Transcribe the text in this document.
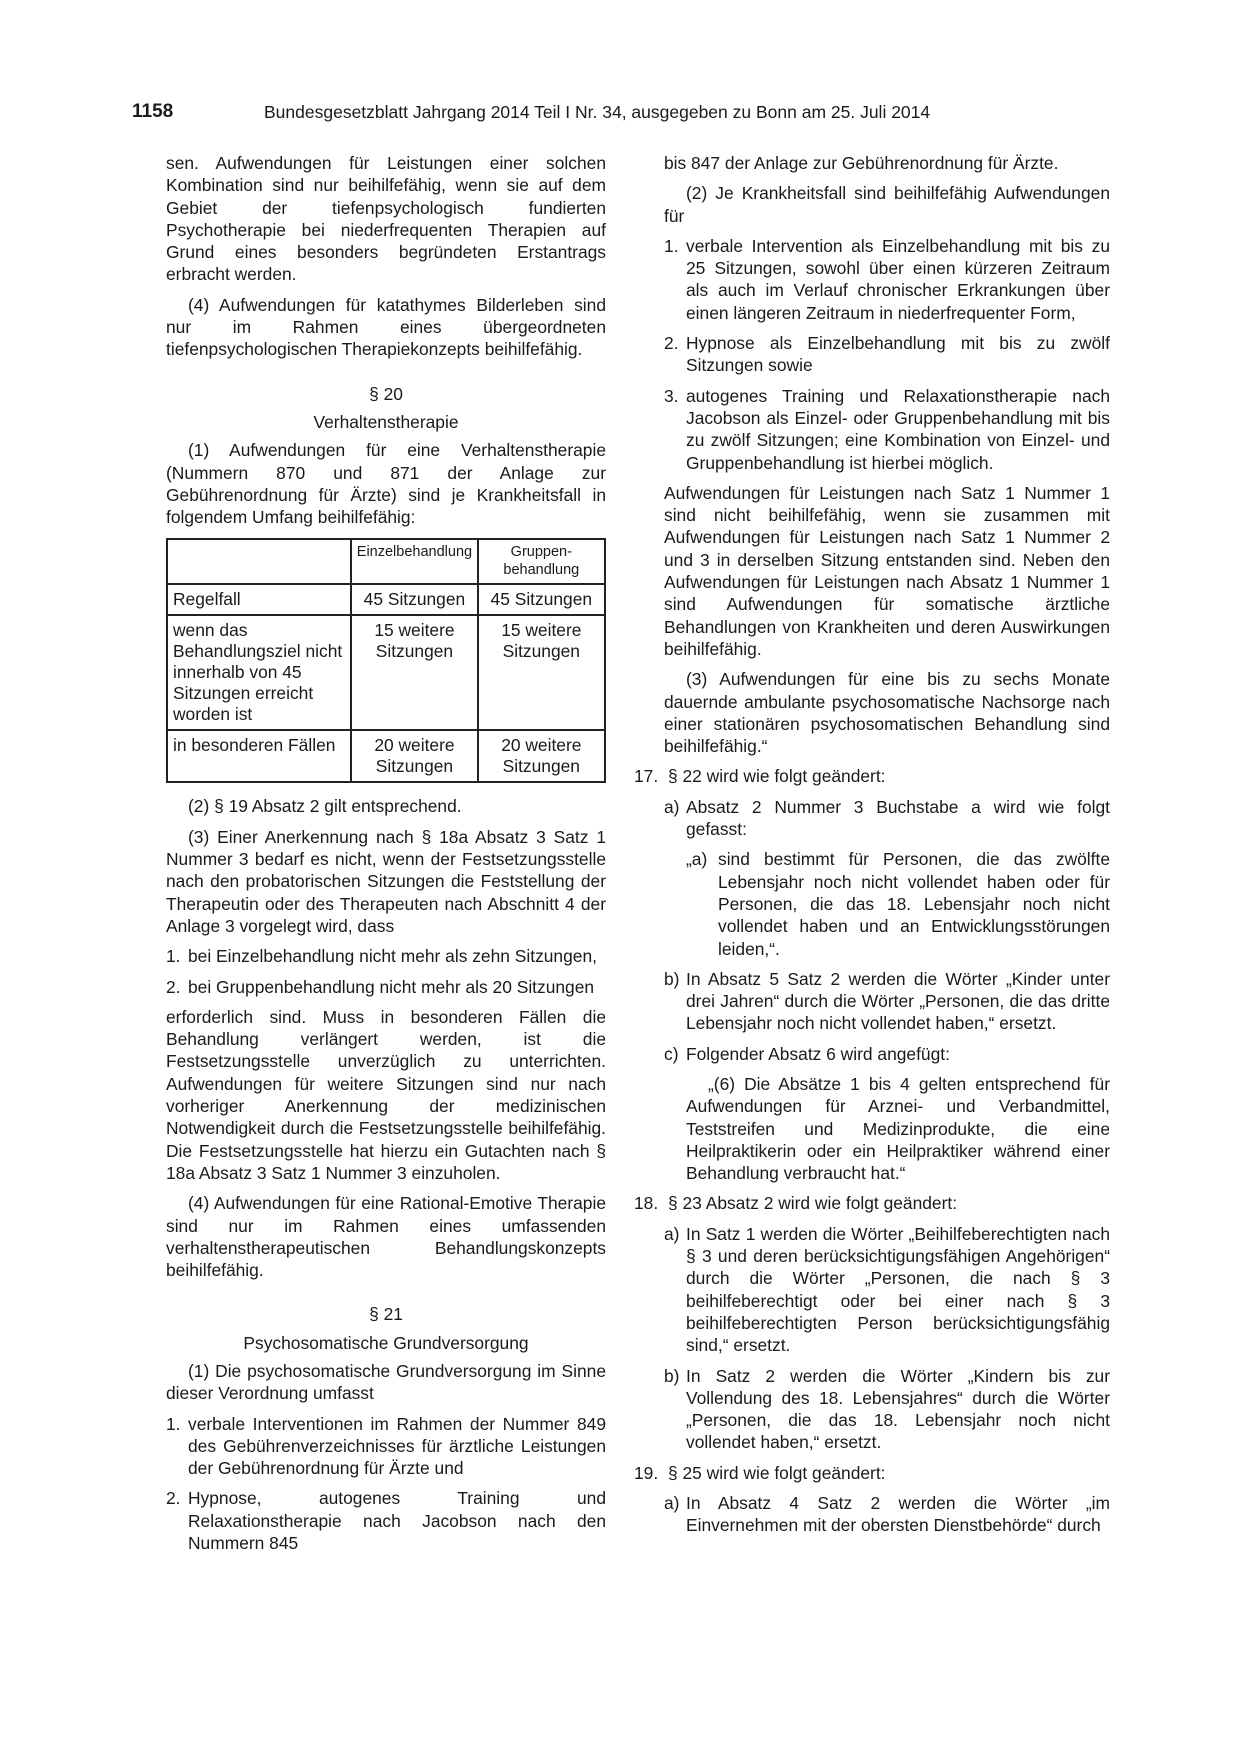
1158	Bundesgesetzblatt Jahrgang 2014 Teil I Nr. 34, ausgegeben zu Bonn am 25. Juli 2014

sen. Aufwendungen für Leistungen einer solchen Kombination sind nur beihilfefähig, wenn sie auf dem Gebiet der tiefenpsychologisch fundierten Psychotherapie bei niederfrequenten Therapien auf Grund eines besonders begründeten Erstantrags erbracht werden.

(4) Aufwendungen für katathymes Bilderleben sind nur im Rahmen eines übergeordneten tiefenpsychologischen Therapiekonzepts beihilfefähig.

§ 20

Verhaltenstherapie

(1) Aufwendungen für eine Verhaltenstherapie (Nummern 870 und 871 der Anlage zur Gebührenordnung für Ärzte) sind je Krankheitsfall in folgendem Umfang beihilfefähig:

	Einzelbehandlung	Gruppenbehandlung
Regelfall	45 Sitzungen	45 Sitzungen
wenn das Behandlungsziel nicht innerhalb von 45 Sitzungen erreicht worden ist	15 weitere Sitzungen	15 weitere Sitzungen
in besonderen Fällen	20 weitere Sitzungen	20 weitere Sitzungen

(2) § 19 Absatz 2 gilt entsprechend.

(3) Einer Anerkennung nach § 18a Absatz 3 Satz 1 Nummer 3 bedarf es nicht, wenn der Festsetzungsstelle nach den probatorischen Sitzungen die Feststellung der Therapeutin oder des Therapeuten nach Abschnitt 4 der Anlage 3 vorgelegt wird, dass

1. bei Einzelbehandlung nicht mehr als zehn Sitzungen,
2. bei Gruppenbehandlung nicht mehr als 20 Sitzungen

erforderlich sind. Muss in besonderen Fällen die Behandlung verlängert werden, ist die Festsetzungsstelle unverzüglich zu unterrichten. Aufwendungen für weitere Sitzungen sind nur nach vorheriger Anerkennung der medizinischen Notwendigkeit durch die Festsetzungsstelle beihilfefähig. Die Festsetzungsstelle hat hierzu ein Gutachten nach § 18a Absatz 3 Satz 1 Nummer 3 einzuholen.

(4) Aufwendungen für eine Rational-Emotive Therapie sind nur im Rahmen eines umfassenden verhaltenstherapeutischen Behandlungskonzepts beihilfefähig.

§ 21

Psychosomatische Grundversorgung

(1) Die psychosomatische Grundversorgung im Sinne dieser Verordnung umfasst

1. verbale Interventionen im Rahmen der Nummer 849 des Gebührenverzeichnisses für ärztliche Leistungen der Gebührenordnung für Ärzte und
2. Hypnose, autogenes Training und Relaxationstherapie nach Jacobson nach den Nummern 845

bis 847 der Anlage zur Gebührenordnung für Ärzte.

(2) Je Krankheitsfall sind beihilfefähig Aufwendungen für

1. verbale Intervention als Einzelbehandlung mit bis zu 25 Sitzungen, sowohl über einen kürzeren Zeitraum als auch im Verlauf chronischer Erkrankungen über einen längeren Zeitraum in niederfrequenter Form,
2. Hypnose als Einzelbehandlung mit bis zu zwölf Sitzungen sowie
3. autogenes Training und Relaxationstherapie nach Jacobson als Einzel- oder Gruppenbehandlung mit bis zu zwölf Sitzungen; eine Kombination von Einzel- und Gruppenbehandlung ist hierbei möglich.

Aufwendungen für Leistungen nach Satz 1 Nummer 1 sind nicht beihilfefähig, wenn sie zusammen mit Aufwendungen für Leistungen nach Satz 1 Nummer 2 und 3 in derselben Sitzung entstanden sind. Neben den Aufwendungen für Leistungen nach Absatz 1 Nummer 1 sind Aufwendungen für somatische ärztliche Behandlungen von Krankheiten und deren Auswirkungen beihilfefähig.

(3) Aufwendungen für eine bis zu sechs Monate dauernde ambulante psychosomatische Nachsorge nach einer stationären psychosomatischen Behandlung sind beihilfefähig.“

17. § 22 wird wie folgt geändert:
a) Absatz 2 Nummer 3 Buchstabe a wird wie folgt gefasst:
„a) sind bestimmt für Personen, die das zwölfte Lebensjahr noch nicht vollendet haben oder für Personen, die das 18. Lebensjahr noch nicht vollendet haben und an Entwicklungsstörungen leiden,“.
b) In Absatz 5 Satz 2 werden die Wörter „Kinder unter drei Jahren“ durch die Wörter „Personen, die das dritte Lebensjahr noch nicht vollendet haben,“ ersetzt.
c) Folgender Absatz 6 wird angefügt:

„(6) Die Absätze 1 bis 4 gelten entsprechend für Aufwendungen für Arznei- und Verbandmittel, Teststreifen und Medizinprodukte, die eine Heilpraktikerin oder ein Heilpraktiker während einer Behandlung verbraucht hat.“

18. § 23 Absatz 2 wird wie folgt geändert:
a) In Satz 1 werden die Wörter „Beihilfeberechtigten nach § 3 und deren berücksichtigungsfähigen Angehörigen“ durch die Wörter „Personen, die nach § 3 beihilfeberechtigt oder bei einer nach § 3 beihilfeberechtigten Person berücksichtigungsfähig sind,“ ersetzt.
b) In Satz 2 werden die Wörter „Kindern bis zur Vollendung des 18. Lebensjahres“ durch die Wörter „Personen, die das 18. Lebensjahr noch nicht vollendet haben,“ ersetzt.
19. § 25 wird wie folgt geändert:
a) In Absatz 4 Satz 2 werden die Wörter „im Einvernehmen mit der obersten Dienstbehörde“ durch
